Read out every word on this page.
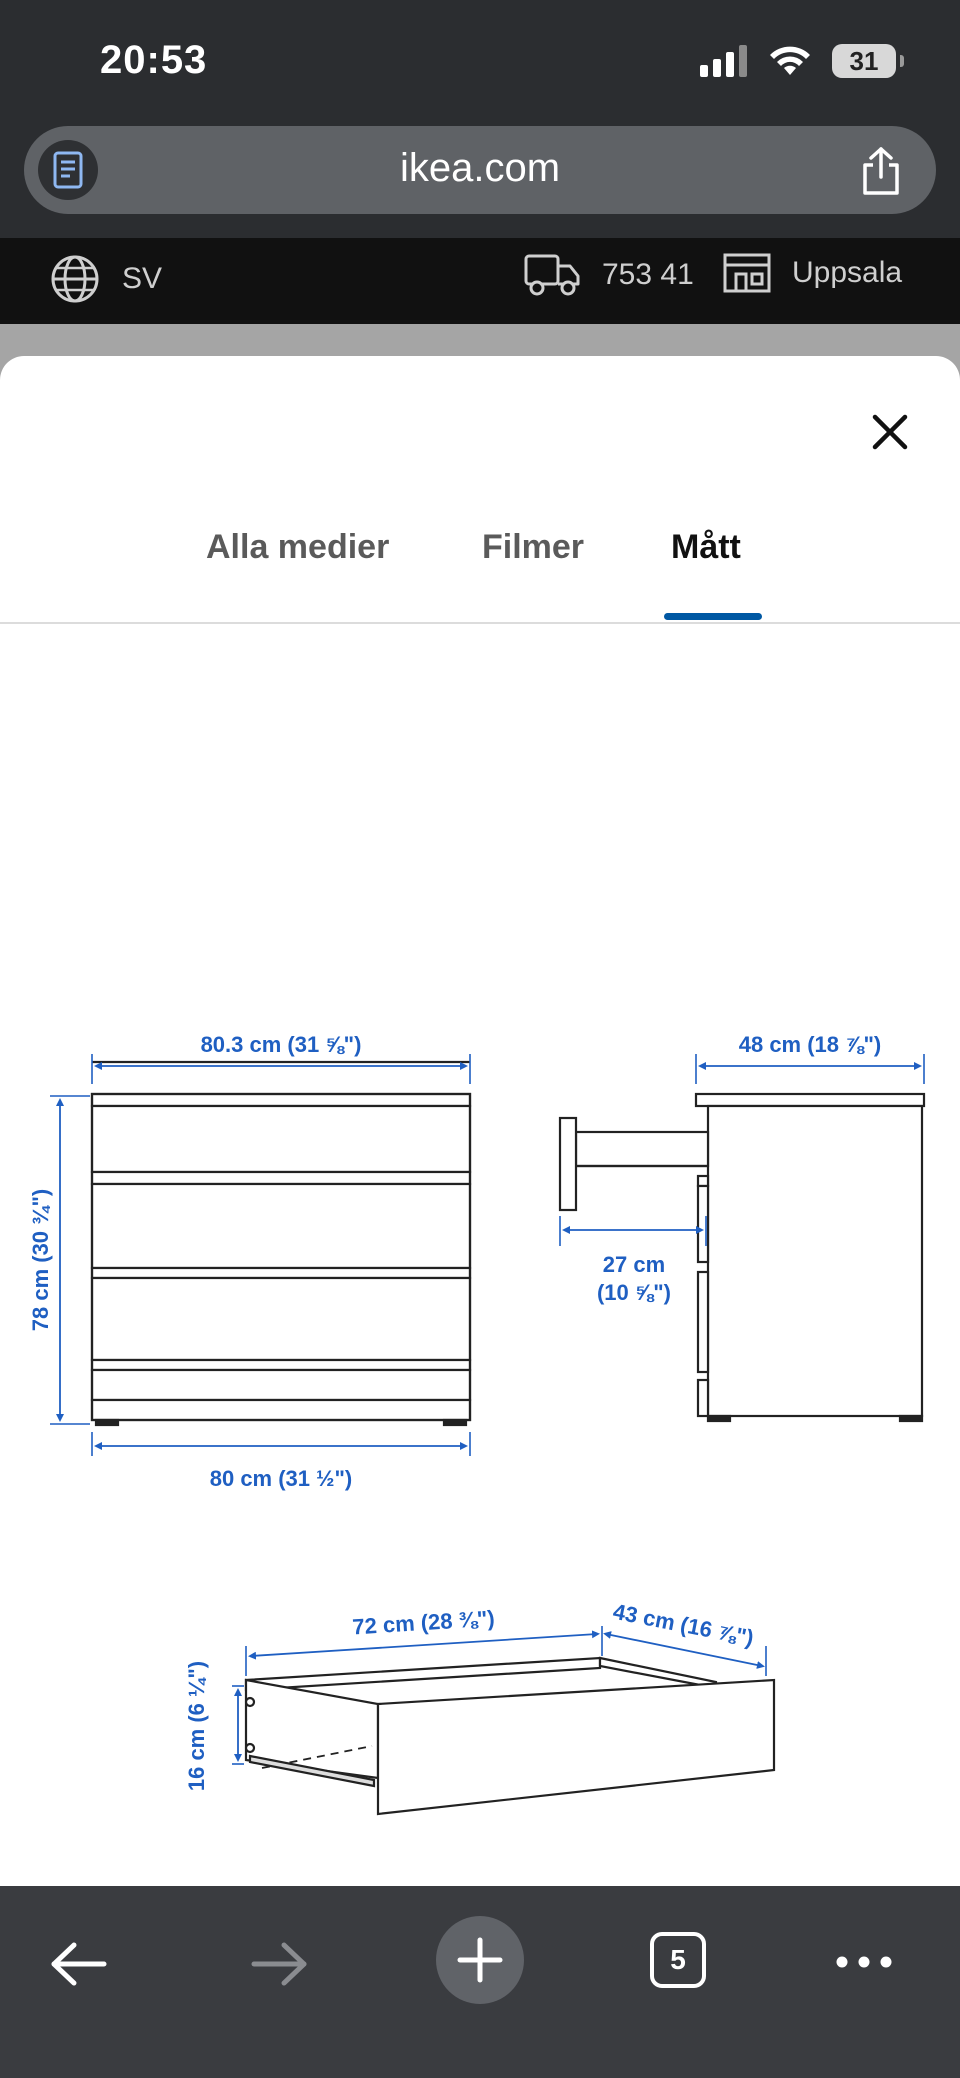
20:53	31
ikea.com
SV	753 41	Uppsala
Alla medier	Filmer	Mått
80.3 cm (31 ⅝")
78 cm (30 ¾")
80 cm (31 ½")
48 cm (18 ⅞")
27 cm
(10 ⅝")
72 cm (28 ⅜")	43 cm (16 ⅞")
16 cm (6 ¼")
5
